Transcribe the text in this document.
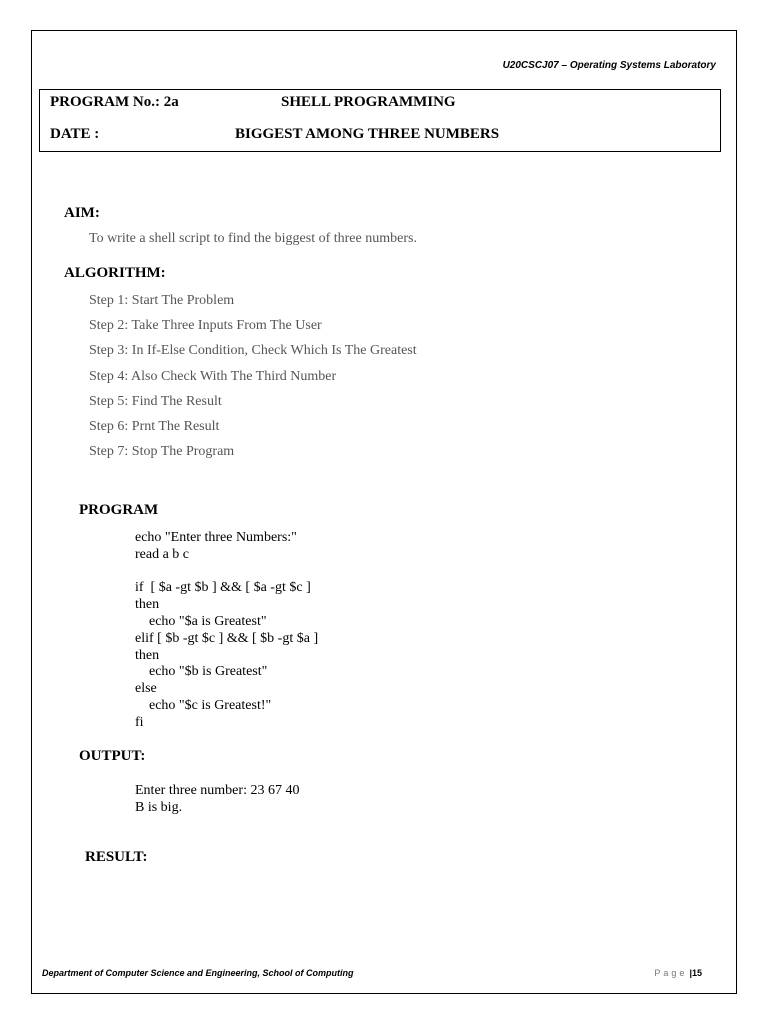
U20CSCJ07 – Operating Systems Laboratory
PROGRAM No.: 2a	SHELL PROGRAMMING
DATE :	BIGGEST AMONG THREE NUMBERS
AIM:
To write a shell script to find the biggest of three numbers.
ALGORITHM:
Step 1: Start The Problem
Step 2: Take Three Inputs From The User
Step 3: In If-Else Condition, Check Which Is The Greatest
Step 4: Also Check With The Third Number
Step 5: Find The Result
Step 6: Prnt The Result
Step 7: Stop The Program
PROGRAM
echo "Enter three Numbers:"
read a b c

if  [ $a -gt $b ] && [ $a -gt $c ]
then
echo "$a is Greatest"
elif [ $b -gt $c ] && [ $b -gt $a ]
then
echo "$b is Greatest"
else
echo "$c is Greatest!"
fi
OUTPUT:
Enter three number: 23 67 40
B is big.
RESULT:
Department of Computer Science and Engineering, School of Computing	Page |15
